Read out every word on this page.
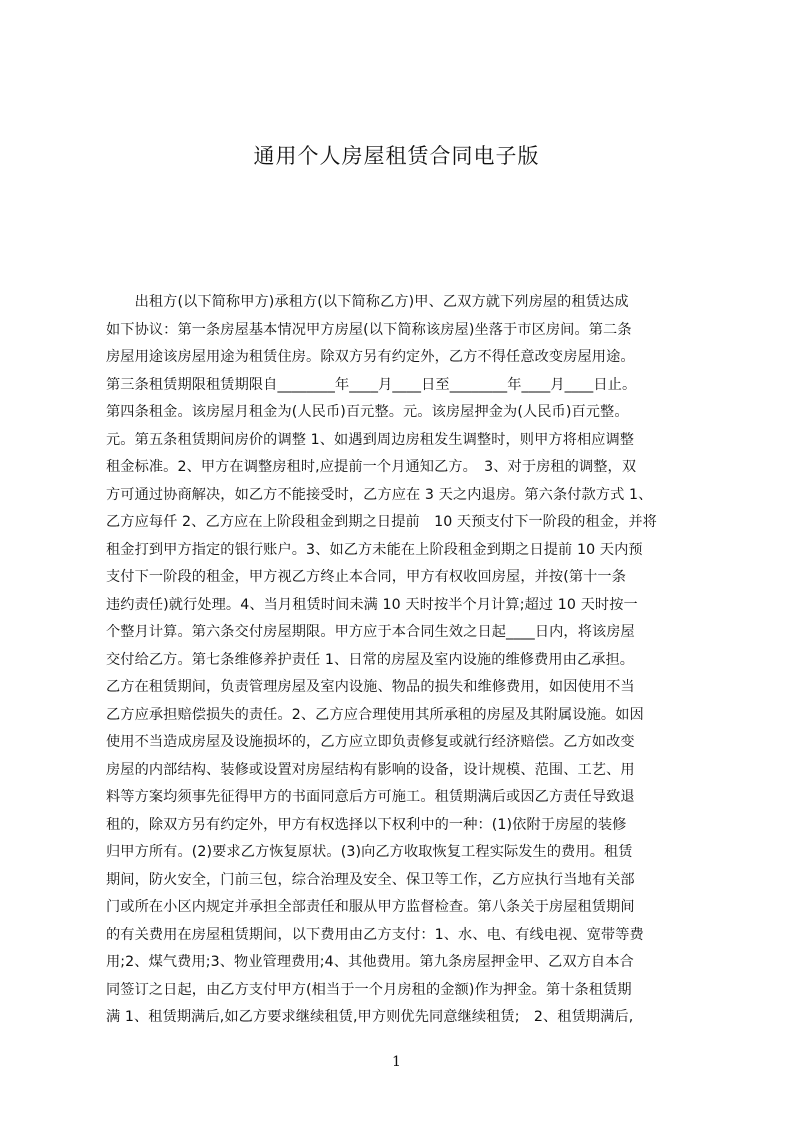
通用个人房屋租赁合同电子版
　　出租方(以下简称甲方)承租方(以下简称乙方)甲、乙双方就下列房屋的租赁达成
如下协议：第一条房屋基本情况甲方房屋(以下简称该房屋)坐落于市区房间。第二条
房屋用途该房屋用途为租赁住房。除双方另有约定外，乙方不得任意改变房屋用途。
第三条租赁期限租赁期限自________年____月____日至________年____月____日止。
第四条租金。该房屋月租金为(人民币)百元整。元。该房屋押金为(人民币)百元整。
元。第五条租赁期间房价的调整 1、如遇到周边房租发生调整时，则甲方将相应调整
租金标准。2、甲方在调整房租时,应提前一个月通知乙方。　3、对于房租的调整，双
方可通过协商解决，如乙方不能接受时，乙方应在 3 天之内退房。第六条付款方式 1、
乙方应每仟 2、乙方应在上阶段租金到期之日提前　10 天预支付下一阶段的租金，并将
租金打到甲方指定的银行账户。3、如乙方未能在上阶段租金到期之日提前 10 天内预
支付下一阶段的租金，甲方视乙方终止本合同，甲方有权收回房屋，并按(第十一条
违约责任)就行处理。4、当月租赁时间未满 10 天时按半个月计算;超过 10 天时按一
个整月计算。第六条交付房屋期限。甲方应于本合同生效之日起____日内，将该房屋
交付给乙方。第七条维修养护责任 1、日常的房屋及室内设施的维修费用由乙承担。
乙方在租赁期间，负责管理房屋及室内设施、物品的损失和维修费用，如因使用不当
乙方应承担赔偿损失的责任。2、乙方应合理使用其所承租的房屋及其附属设施。如因
使用不当造成房屋及设施损坏的，乙方应立即负责修复或就行经济赔偿。乙方如改变
房屋的内部结构、装修或设置对房屋结构有影响的设备，设计规模、范围、工艺、用
料等方案均须事先征得甲方的书面同意后方可施工。租赁期满后或因乙方责任导致退
租的，除双方另有约定外，甲方有权选择以下权利中的一种：(1)依附于房屋的装修
归甲方所有。(2)要求乙方恢复原状。(3)向乙方收取恢复工程实际发生的费用。租赁
期间，防火安全，门前三包，综合治理及安全、保卫等工作，乙方应执行当地有关部
门或所在小区内规定并承担全部责任和服从甲方监督检查。第八条关于房屋租赁期间
的有关费用在房屋租赁期间，以下费用由乙方支付：1、水、电、有线电视、宽带等费
用;2、煤气费用;3、物业管理费用;4、其他费用。第九条房屋押金甲、乙双方自本合
同签订之日起，由乙方支付甲方(相当于一个月房租的金额)作为押金。第十条租赁期
满 1、租赁期满后,如乙方要求继续租赁,甲方则优先同意继续租赁;　2、租赁期满后,
1
